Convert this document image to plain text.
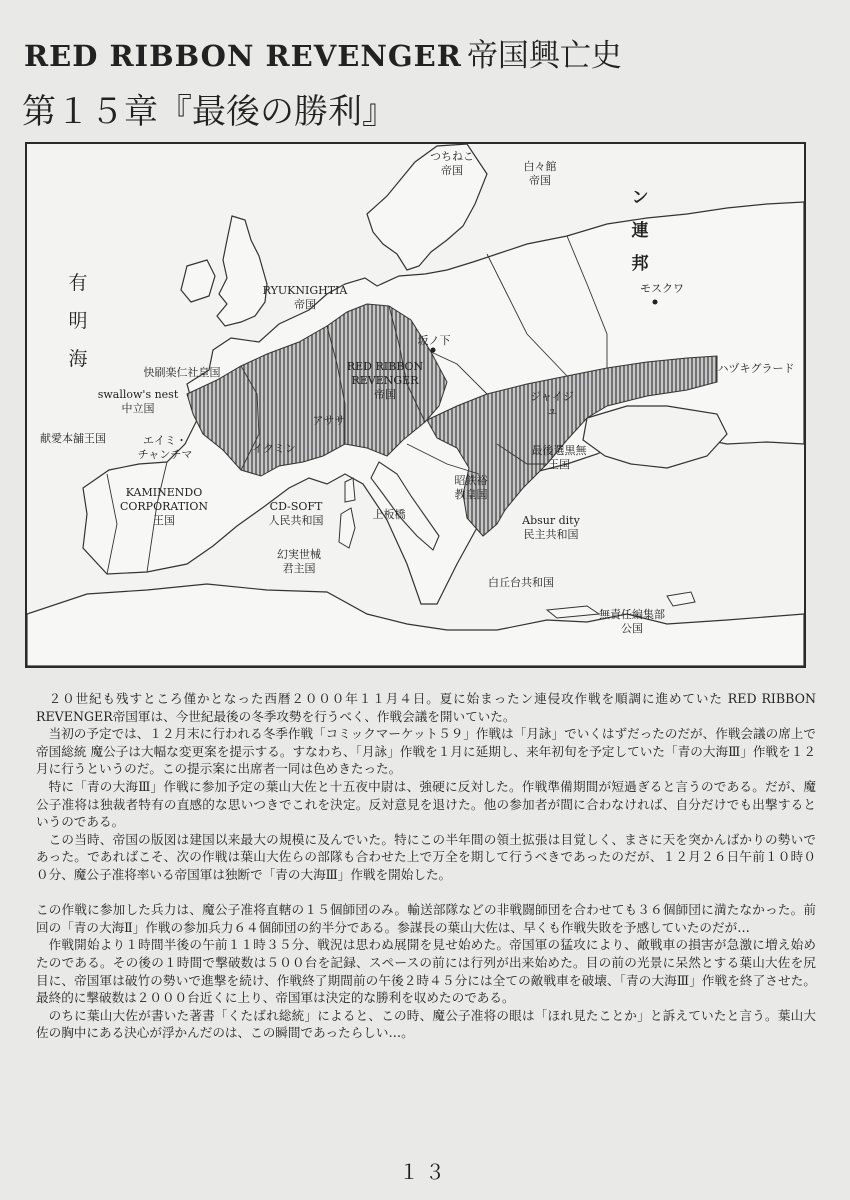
RED RIBBON REVENGER 帝国興亡史
第１５章『最後の勝利』
有
明
海
ン
連
邦
つちねこ
帝国	白々館
帝国
モスクワ
RYUKNIGHTIA
帝国
坂ノ下
RED RIBBON
REVENGER
帝国
ハヅキグラード
快刷楽仁社皇国
swallow's nest
中立国
献愛本舗王国	エイミ・
チャンチマ
アササ
イクミン
ジャイジュ
最後選黒無
王国
KAMINENDO
CORPORATION
王国
CD-SOFT
人民共和国
昭鉄裕
教皇国
上板橋	Absur dity
民主共和国
幻実世械
君主国
白丘台共和国
無責任編集部
公国

２０世紀も残すところ僅かとなった西暦２０００年１１月４日。夏に始まったン連侵攻作戦を順調に進めていた RED RIBBON REVENGER帝国軍は、今世紀最後の冬季攻勢を行うべく、作戦会議を開いていた。

当初の予定では、１２月末に行われる冬季作戦「コミックマーケット５９」作戦は「月詠」でいくはずだったのだが、作戦会議の席上で帝国総統 魔公子は大幅な変更案を提示する。すなわち、「月詠」作戦を１月に延期し、来年初旬を予定していた「青の大海Ⅲ」作戦を１２月に行うというのだ。この提示案に出席者一同は色めきたった。

特に「青の大海Ⅲ」作戦に参加予定の葉山大佐と十五夜中尉は、強硬に反対した。作戦準備期間が短過ぎると言うのである。だが、魔公子准将は独裁者特有の直感的な思いつきでこれを決定。反対意見を退けた。他の参加者が間に合わなければ、自分だけでも出撃するというのである。

この当時、帝国の版図は建国以来最大の規模に及んでいた。特にこの半年間の領土拡張は目覚しく、まさに天を突かんばかりの勢いであった。であればこそ、次の作戦は葉山大佐らの部隊も合わせた上で万全を期して行うべきであったのだが、１２月２６日午前１０時００分、魔公子准将率いる帝国軍は独断で「青の大海Ⅲ」作戦を開始した。

この作戦に参加した兵力は、魔公子准将直轄の１５個師団のみ。輸送部隊などの非戦闘師団を合わせても３６個師団に満たなかった。前回の「青の大海Ⅱ」作戦の参加兵力６４個師団の約半分である。参謀長の葉山大佐は、早くも作戦失敗を予感していたのだが…

作戦開始より１時間半後の午前１１時３５分、戦況は思わぬ展開を見せ始めた。帝国軍の猛攻により、敵戦車の損害が急激に増え始めたのである。その後の１時間で撃破数は５００台を記録、スペースの前には行列が出来始めた。目の前の光景に呆然とする葉山大佐を尻目に、帝国軍は破竹の勢いで進撃を続け、作戦終了期間前の午後２時４５分には全ての敵戦車を破壊、「青の大海Ⅲ」作戦を終了させた。最終的に撃破数は２０００台近くに上り、帝国軍は決定的な勝利を収めたのである。

のちに葉山大佐が書いた著書「くたばれ総統」によると、この時、魔公子准将の眼は「ほれ見たことか」と訴えていたと言う。葉山大佐の胸中にある決心が浮かんだのは、この瞬間であったらしい…。

１３
